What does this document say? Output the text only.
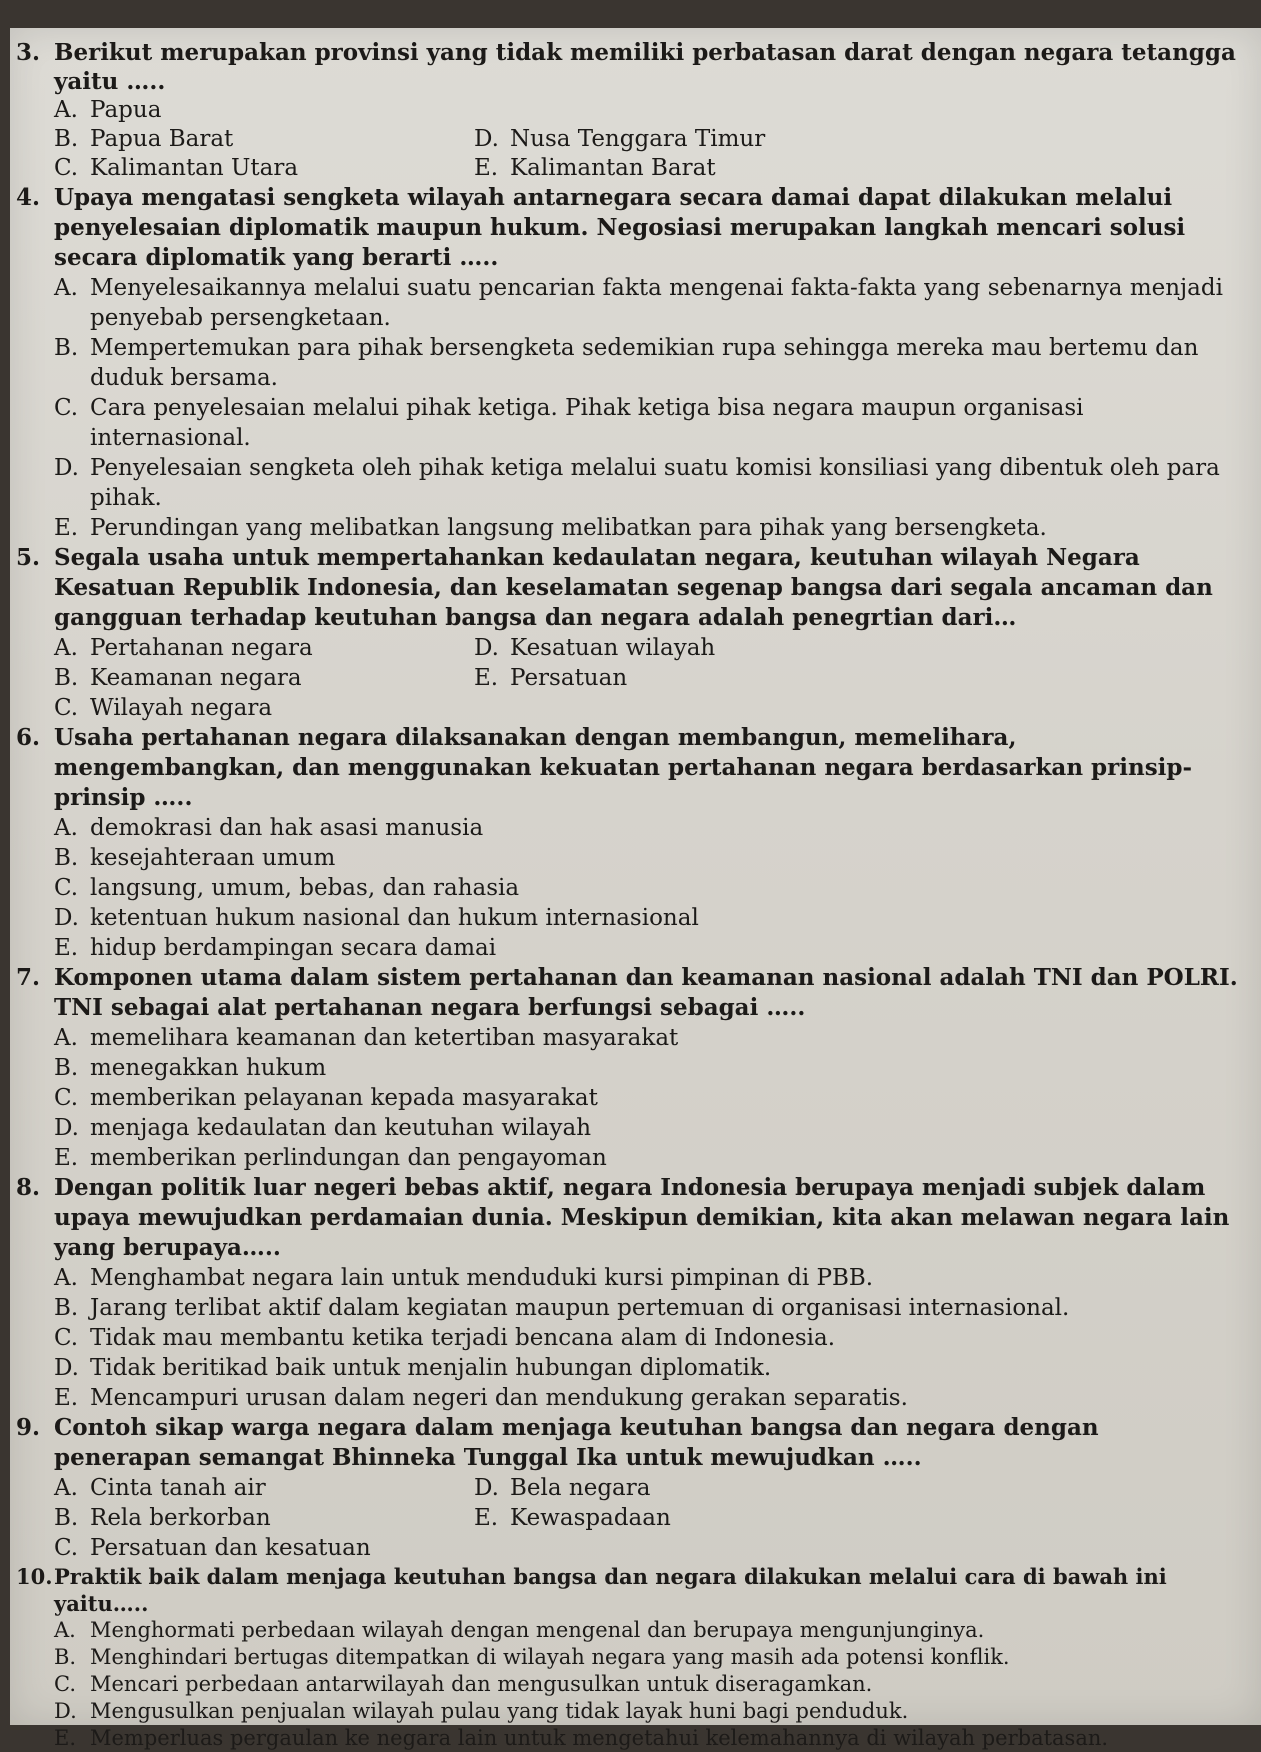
3. Berikut merupakan provinsi yang tidak memiliki perbatasan darat dengan negara tetangga yaitu …..
A. Papua
B. Papua Barat	D. Nusa Tenggara Timur
C. Kalimantan Utara	E. Kalimantan Barat
4. Upaya mengatasi sengketa wilayah antarnegara secara damai dapat dilakukan melalui penyelesaian diplomatik maupun hukum. Negosiasi merupakan langkah mencari solusi secara diplomatik yang berarti …..
A. Menyelesaikannya melalui suatu pencarian fakta mengenai fakta-fakta yang sebenarnya menjadi penyebab persengketaan.
B. Mempertemukan para pihak bersengketa sedemikian rupa sehingga mereka mau bertemu dan duduk bersama.
C. Cara penyelesaian melalui pihak ketiga. Pihak ketiga bisa negara maupun organisasi internasional.
D. Penyelesaian sengketa oleh pihak ketiga melalui suatu komisi konsiliasi yang dibentuk oleh para pihak.
E. Perundingan yang melibatkan langsung melibatkan para pihak yang bersengketa.
5. Segala usaha untuk mempertahankan kedaulatan negara, keutuhan wilayah Negara Kesatuan Republik Indonesia, dan keselamatan segenap bangsa dari segala ancaman dan gangguan terhadap keutuhan bangsa dan negara adalah penegrtian dari…
A. Pertahanan negara	D. Kesatuan wilayah
B. Keamanan negara	E. Persatuan
C. Wilayah negara
6. Usaha pertahanan negara dilaksanakan dengan membangun, memelihara, mengembangkan, dan menggunakan kekuatan pertahanan negara berdasarkan prinsip-prinsip …..
A. demokrasi dan hak asasi manusia
B. kesejahteraan umum
C. langsung, umum, bebas, dan rahasia
D. ketentuan hukum nasional dan hukum internasional
E. hidup berdampingan secara damai
7. Komponen utama dalam sistem pertahanan dan keamanan nasional adalah TNI dan POLRI. TNI sebagai alat pertahanan negara berfungsi sebagai …..
A. memelihara keamanan dan ketertiban masyarakat
B. menegakkan hukum
C. memberikan pelayanan kepada masyarakat
D. menjaga kedaulatan dan keutuhan wilayah
E. memberikan perlindungan dan pengayoman
8. Dengan politik luar negeri bebas aktif, negara Indonesia berupaya menjadi subjek dalam upaya mewujudkan perdamaian dunia. Meskipun demikian, kita akan melawan negara lain yang berupaya…..
A. Menghambat negara lain untuk menduduki kursi pimpinan di PBB.
B. Jarang terlibat aktif dalam kegiatan maupun pertemuan di organisasi internasional.
C. Tidak mau membantu ketika terjadi bencana alam di Indonesia.
D. Tidak beritikad baik untuk menjalin hubungan diplomatik.
E. Mencampuri urusan dalam negeri dan mendukung gerakan separatis.
9. Contoh sikap warga negara dalam menjaga keutuhan bangsa dan negara dengan penerapan semangat Bhinneka Tunggal Ika untuk mewujudkan …..
A. Cinta tanah air	D. Bela negara
B. Rela berkorban	E. Kewaspadaan
C. Persatuan dan kesatuan
10. Praktik baik dalam menjaga keutuhan bangsa dan negara dilakukan melalui cara di bawah ini yaitu…..
A. Menghormati perbedaan wilayah dengan mengenal dan berupaya mengunjunginya.
B. Menghindari bertugas ditempatkan di wilayah negara yang masih ada potensi konflik.
C. Mencari perbedaan antarwilayah dan mengusulkan untuk diseragamkan.
D. Mengusulkan penjualan wilayah pulau yang tidak layak huni bagi penduduk.
E. Memperluas pergaulan ke negara lain untuk mengetahui kelemahannya di wilayah perbatasan.
